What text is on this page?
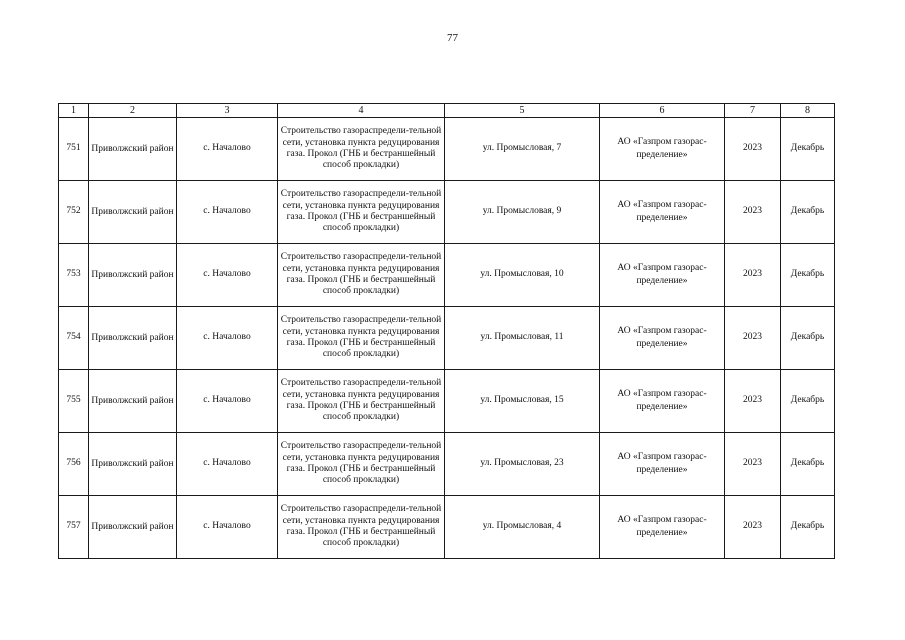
77
1	2	3	4	5	6	7	8
751	Приволжский район	с. Началово	Строительство газораспредели-тельной сети, установка пункта редуцирования газа. Прокол (ГНБ и бестраншейный способ прокладки)	ул. Промысловая, 7	АО «Газпром газорас-пределение»	2023	Декабрь
752	Приволжский район	с. Началово	Строительство газораспредели-тельной сети, установка пункта редуцирования газа. Прокол (ГНБ и бестраншейный способ прокладки)	ул. Промысловая, 9	АО «Газпром газорас-пределение»	2023	Декабрь
753	Приволжский район	с. Началово	Строительство газораспредели-тельной сети, установка пункта редуцирования газа. Прокол (ГНБ и бестраншейный способ прокладки)	ул. Промысловая, 10	АО «Газпром газорас-пределение»	2023	Декабрь
754	Приволжский район	с. Началово	Строительство газораспредели-тельной сети, установка пункта редуцирования газа. Прокол (ГНБ и бестраншейный способ прокладки)	ул. Промысловая, 11	АО «Газпром газорас-пределение»	2023	Декабрь
755	Приволжский район	с. Началово	Строительство газораспредели-тельной сети, установка пункта редуцирования газа. Прокол (ГНБ и бестраншейный способ прокладки)	ул. Промысловая, 15	АО «Газпром газорас-пределение»	2023	Декабрь
756	Приволжский район	с. Началово	Строительство газораспредели-тельной сети, установка пункта редуцирования газа. Прокол (ГНБ и бестраншейный способ прокладки)	ул. Промысловая, 23	АО «Газпром газорас-пределение»	2023	Декабрь
757	Приволжский район	с. Началово	Строительство газораспредели-тельной сети, установка пункта редуцирования газа. Прокол (ГНБ и бестраншейный способ прокладки)	ул. Промысловая, 4	АО «Газпром газорас-пределение»	2023	Декабрь
